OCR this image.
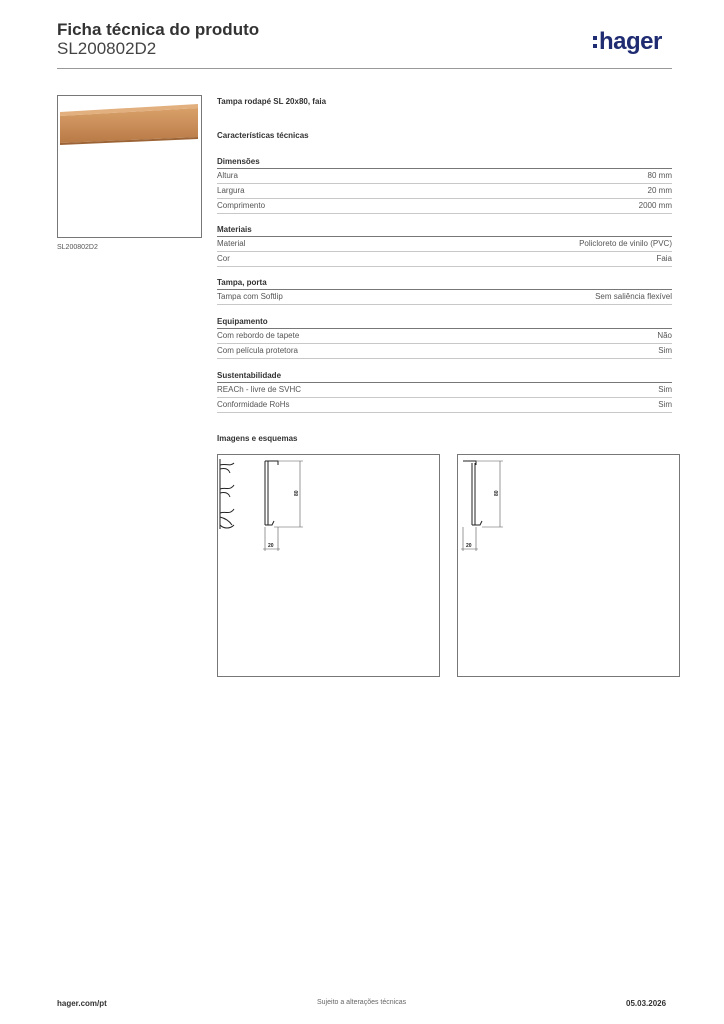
Ficha técnica do produto
SL200802D2	hager
SL200802D2
Tampa rodapé SL 20x80, faia
Características técnicas
Dimensões
Altura	80 mm
Largura	20 mm
Comprimento	2000 mm
Materiais
Material	Policloreto de vinilo (PVC)
Cor	Faia
Tampa, porta
Tampa com Softlip	Sem saliência flexível
Equipamento
Com rebordo de tapete	Não
Com película protetora	Sim
Sustentabilidade
REACh - livre de SVHC	Sim
Conformidade RoHs	Sim
Imagens e esquemas
80
20
80
20
hager.com/pt	Sujeito a alterações técnicas	05.03.2026
